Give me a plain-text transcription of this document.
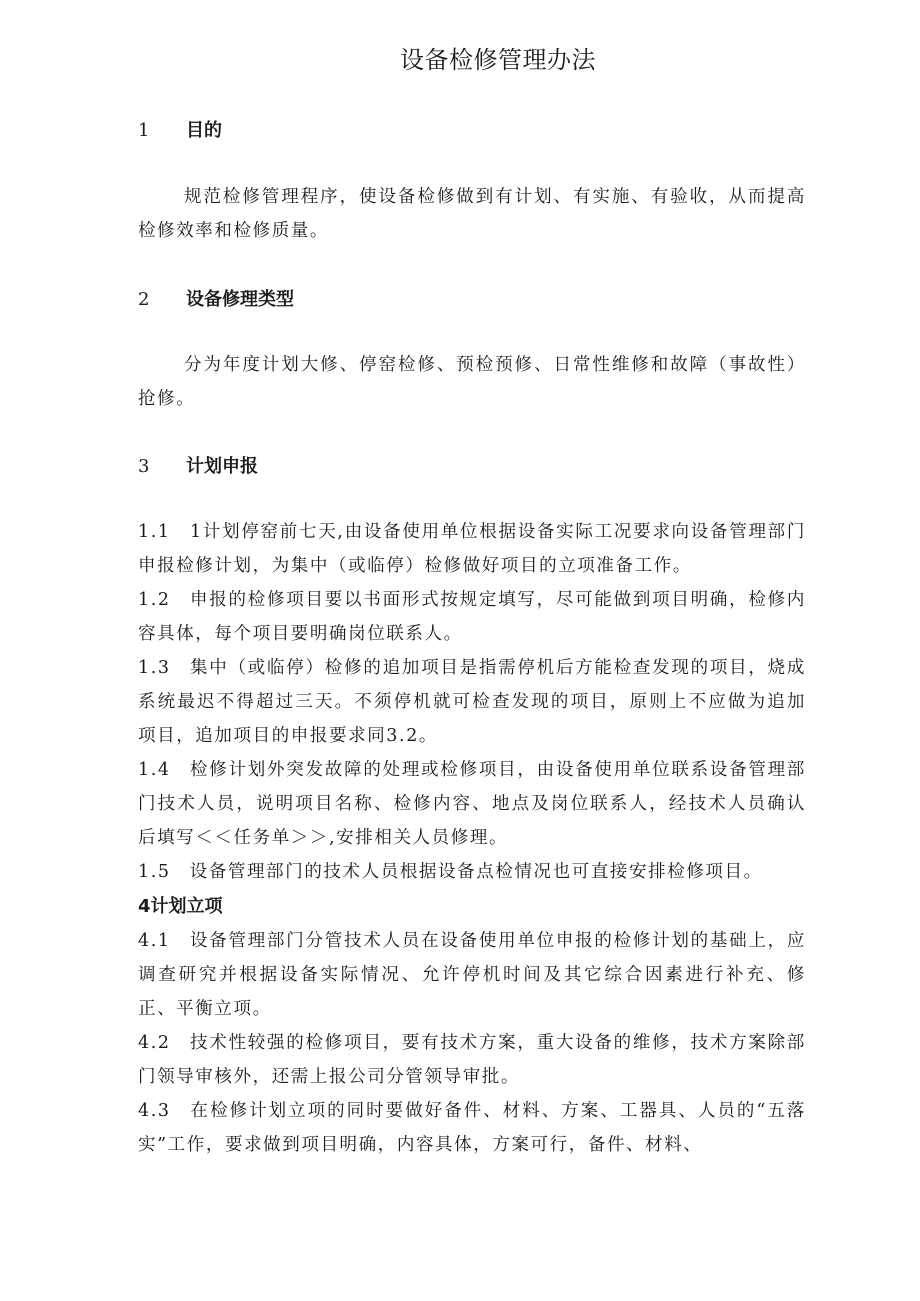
设备检修管理办法
1 目的

规范检修管理程序，使设备检修做到有计划、有实施、有验收，从而提高检修效率和检修质量。

2 设备修理类型

分为年度计划大修、停窑检修、预检预修、日常性维修和故障（事故性）抢修。

3 计划申报

1.1　1计划停窑前七天,由设备使用单位根据设备实际工况要求向设备管理部门申报检修计划，为集中（或临停）检修做好项目的立项准备工作。

1.2　申报的检修项目要以书面形式按规定填写，尽可能做到项目明确，检修内容具体，每个项目要明确岗位联系人。

1.3　集中（或临停）检修的追加项目是指需停机后方能检查发现的项目，烧成系统最迟不得超过三天。不须停机就可检查发现的项目，原则上不应做为追加项目，追加项目的申报要求同3.2。

1.4　检修计划外突发故障的处理或检修项目，由设备使用单位联系设备管理部门技术人员，说明项目名称、检修内容、地点及岗位联系人，经技术人员确认后填写＜＜任务单＞＞,安排相关人员修理。

1.5　设备管理部门的技术人员根据设备点检情况也可直接安排检修项目。

4计划立项

4.1　设备管理部门分管技术人员在设备使用单位申报的检修计划的基础上，应调查研究并根据设备实际情况、允许停机时间及其它综合因素进行补充、修正、平衡立项。

4.2　技术性较强的检修项目，要有技术方案，重大设备的维修，技术方案除部门领导审核外，还需上报公司分管领导审批。

4.3　在检修计划立项的同时要做好备件、材料、方案、工器具、人员的“五落实”工作，要求做到项目明确，内容具体，方案可行，备件、材料、
